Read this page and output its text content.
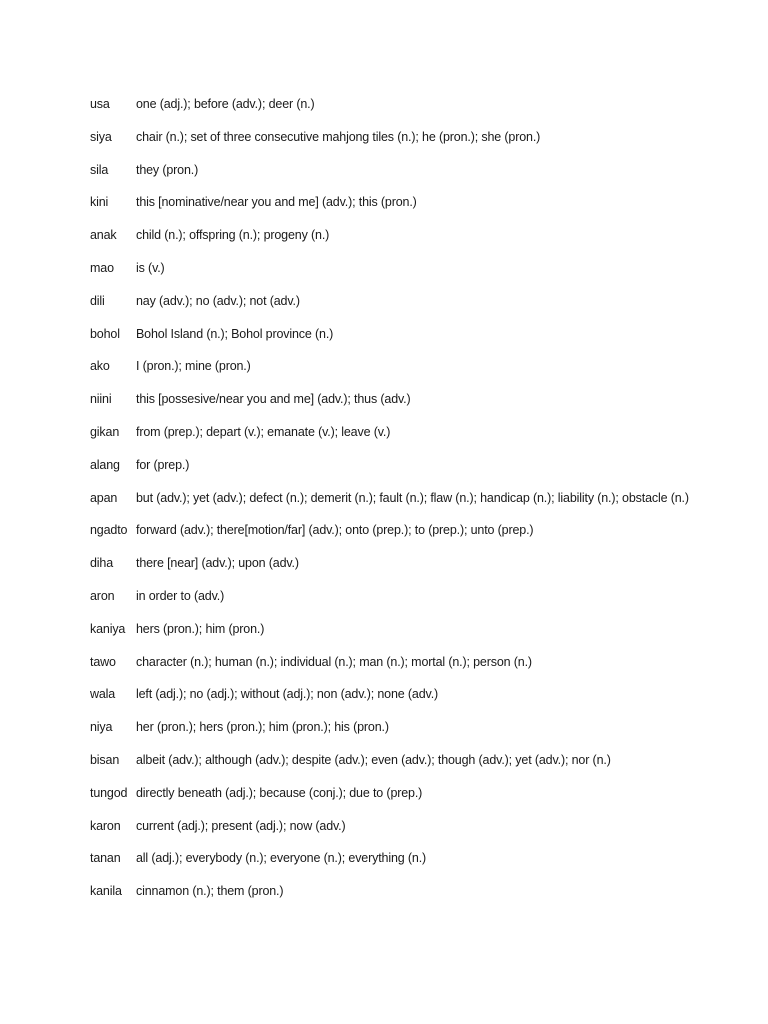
usa one (adj.); before (adv.); deer (n.)
siya chair (n.); set of three consecutive mahjong tiles (n.); he (pron.); she (pron.)
sila they (pron.)
kini this [nominative/near you and me] (adv.); this (pron.)
anak child (n.); offspring (n.); progeny (n.)
mao is (v.)
dili	nay (adv.); no (adv.); not (adv.)
bohol Bohol Island (n.); Bohol province (n.)
ako I (pron.); mine (pron.)
niini this [possesive/near you and me] (adv.); thus (adv.)
gikan from (prep.); depart (v.); emanate (v.); leave (v.)
alang for (prep.)
apan but (adv.); yet (adv.); defect (n.); demerit (n.); fault (n.); flaw (n.); handicap (n.); liability (n.); obstacle (n.)
ngadto forward (adv.); there[motion/far] (adv.); onto (prep.); to (prep.); unto (prep.)
diha there [near] (adv.); upon (adv.)
aron in order to (adv.)
kaniya hers (pron.); him (pron.)
tawo character (n.); human (n.); individual (n.); man (n.); mortal (n.); person (n.)
wala left (adj.); no (adj.); without (adj.); non (adv.); none (adv.)
niya her (pron.); hers (pron.); him (pron.); his (pron.)
bisan albeit (adv.); although (adv.); despite (adv.); even (adv.); though (adv.); yet (adv.); nor (n.)
tungod directly beneath (adj.); because (conj.); due to (prep.)
karon current (adj.); present (adj.); now (adv.)
tanan all (adj.); everybody (n.); everyone (n.); everything (n.)
kanila cinnamon (n.); them (pron.)
